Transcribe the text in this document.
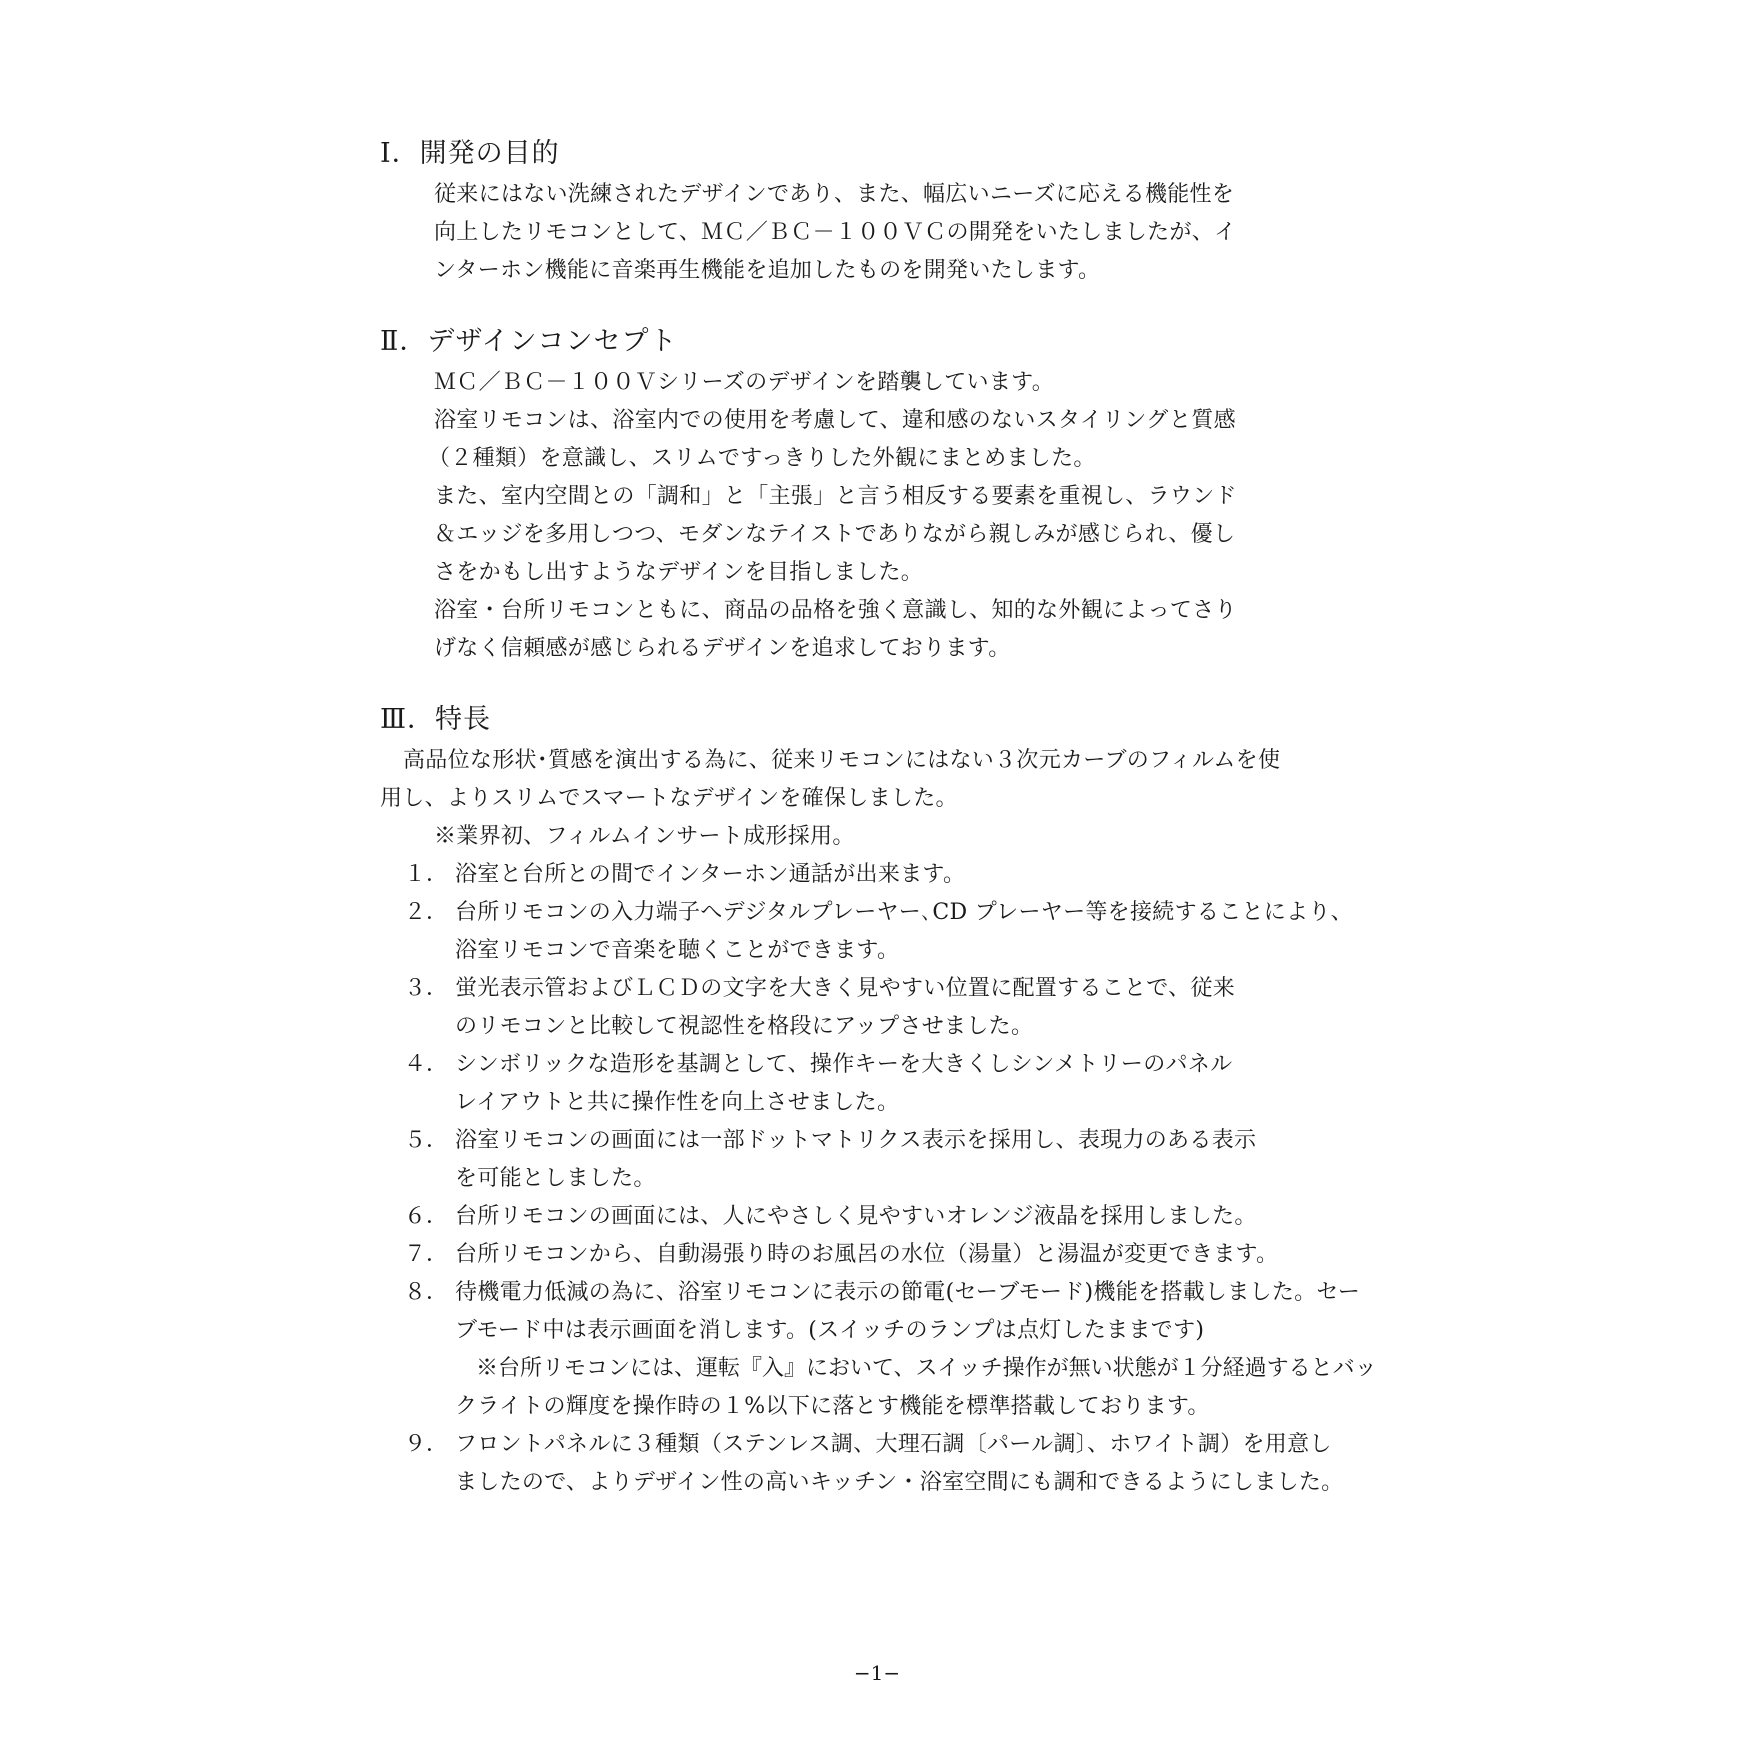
Ⅰ．開発の目的
従来にはない洗練されたデザインであり、また、幅広いニーズに応える機能性を
向上したリモコンとして、ＭＣ／ＢＣ－１００ＶＣの開発をいたしましたが、イ
ンターホン機能に音楽再生機能を追加したものを開発いたします。
Ⅱ．デザインコンセプト
ＭＣ／ＢＣ－１００Ｖシリーズのデザインを踏襲しています。
浴室リモコンは、浴室内での使用を考慮して、違和感のないスタイリングと質感
（２種類）を意識し、スリムですっきりした外観にまとめました。
また、室内空間との「調和」と「主張」と言う相反する要素を重視し、ラウンド
＆エッジを多用しつつ、モダンなテイストでありながら親しみが感じられ、優し
さをかもし出すようなデザインを目指しました。
浴室・台所リモコンともに、商品の品格を強く意識し、知的な外観によってさり
げなく信頼感が感じられるデザインを追求しております。
Ⅲ．特長
高品位な形状･質感を演出する為に、従来リモコンにはない３次元カーブのフィルムを使
用し、よりスリムでスマートなデザインを確保しました。
※業界初、フィルムインサート成形採用。
１． 浴室と台所との間でインターホン通話が出来ます。
２． 台所リモコンの入力端子へデジタルプレーヤー､CD プレーヤー等を接続することにより、
浴室リモコンで音楽を聴くことができます。
３． 蛍光表示管およびＬＣＤの文字を大きく見やすい位置に配置することで、従来
のリモコンと比較して視認性を格段にアップさせました。
４． シンボリックな造形を基調として、操作キーを大きくしシンメトリーのパネル
レイアウトと共に操作性を向上させました。
５． 浴室リモコンの画面には一部ドットマトリクス表示を採用し、表現力のある表示
を可能としました。
６． 台所リモコンの画面には、人にやさしく見やすいオレンジ液晶を採用しました。
７． 台所リモコンから、自動湯張り時のお風呂の水位（湯量）と湯温が変更できます。
８． 待機電力低減の為に、浴室リモコンに表示の節電(セーブモード)機能を搭載しました。セー
ブモード中は表示画面を消します。(スイッチのランプは点灯したままです)
※台所リモコンには、運転『入』において、スイッチ操作が無い状態が１分経過するとバッ
クライトの輝度を操作時の１%以下に落とす機能を標準搭載しております。
９． フロントパネルに３種類（ステンレス調、大理石調〔パール調〕、ホワイト調）を用意し
ましたので、よりデザイン性の高いキッチン・浴室空間にも調和できるようにしました。
−1−
